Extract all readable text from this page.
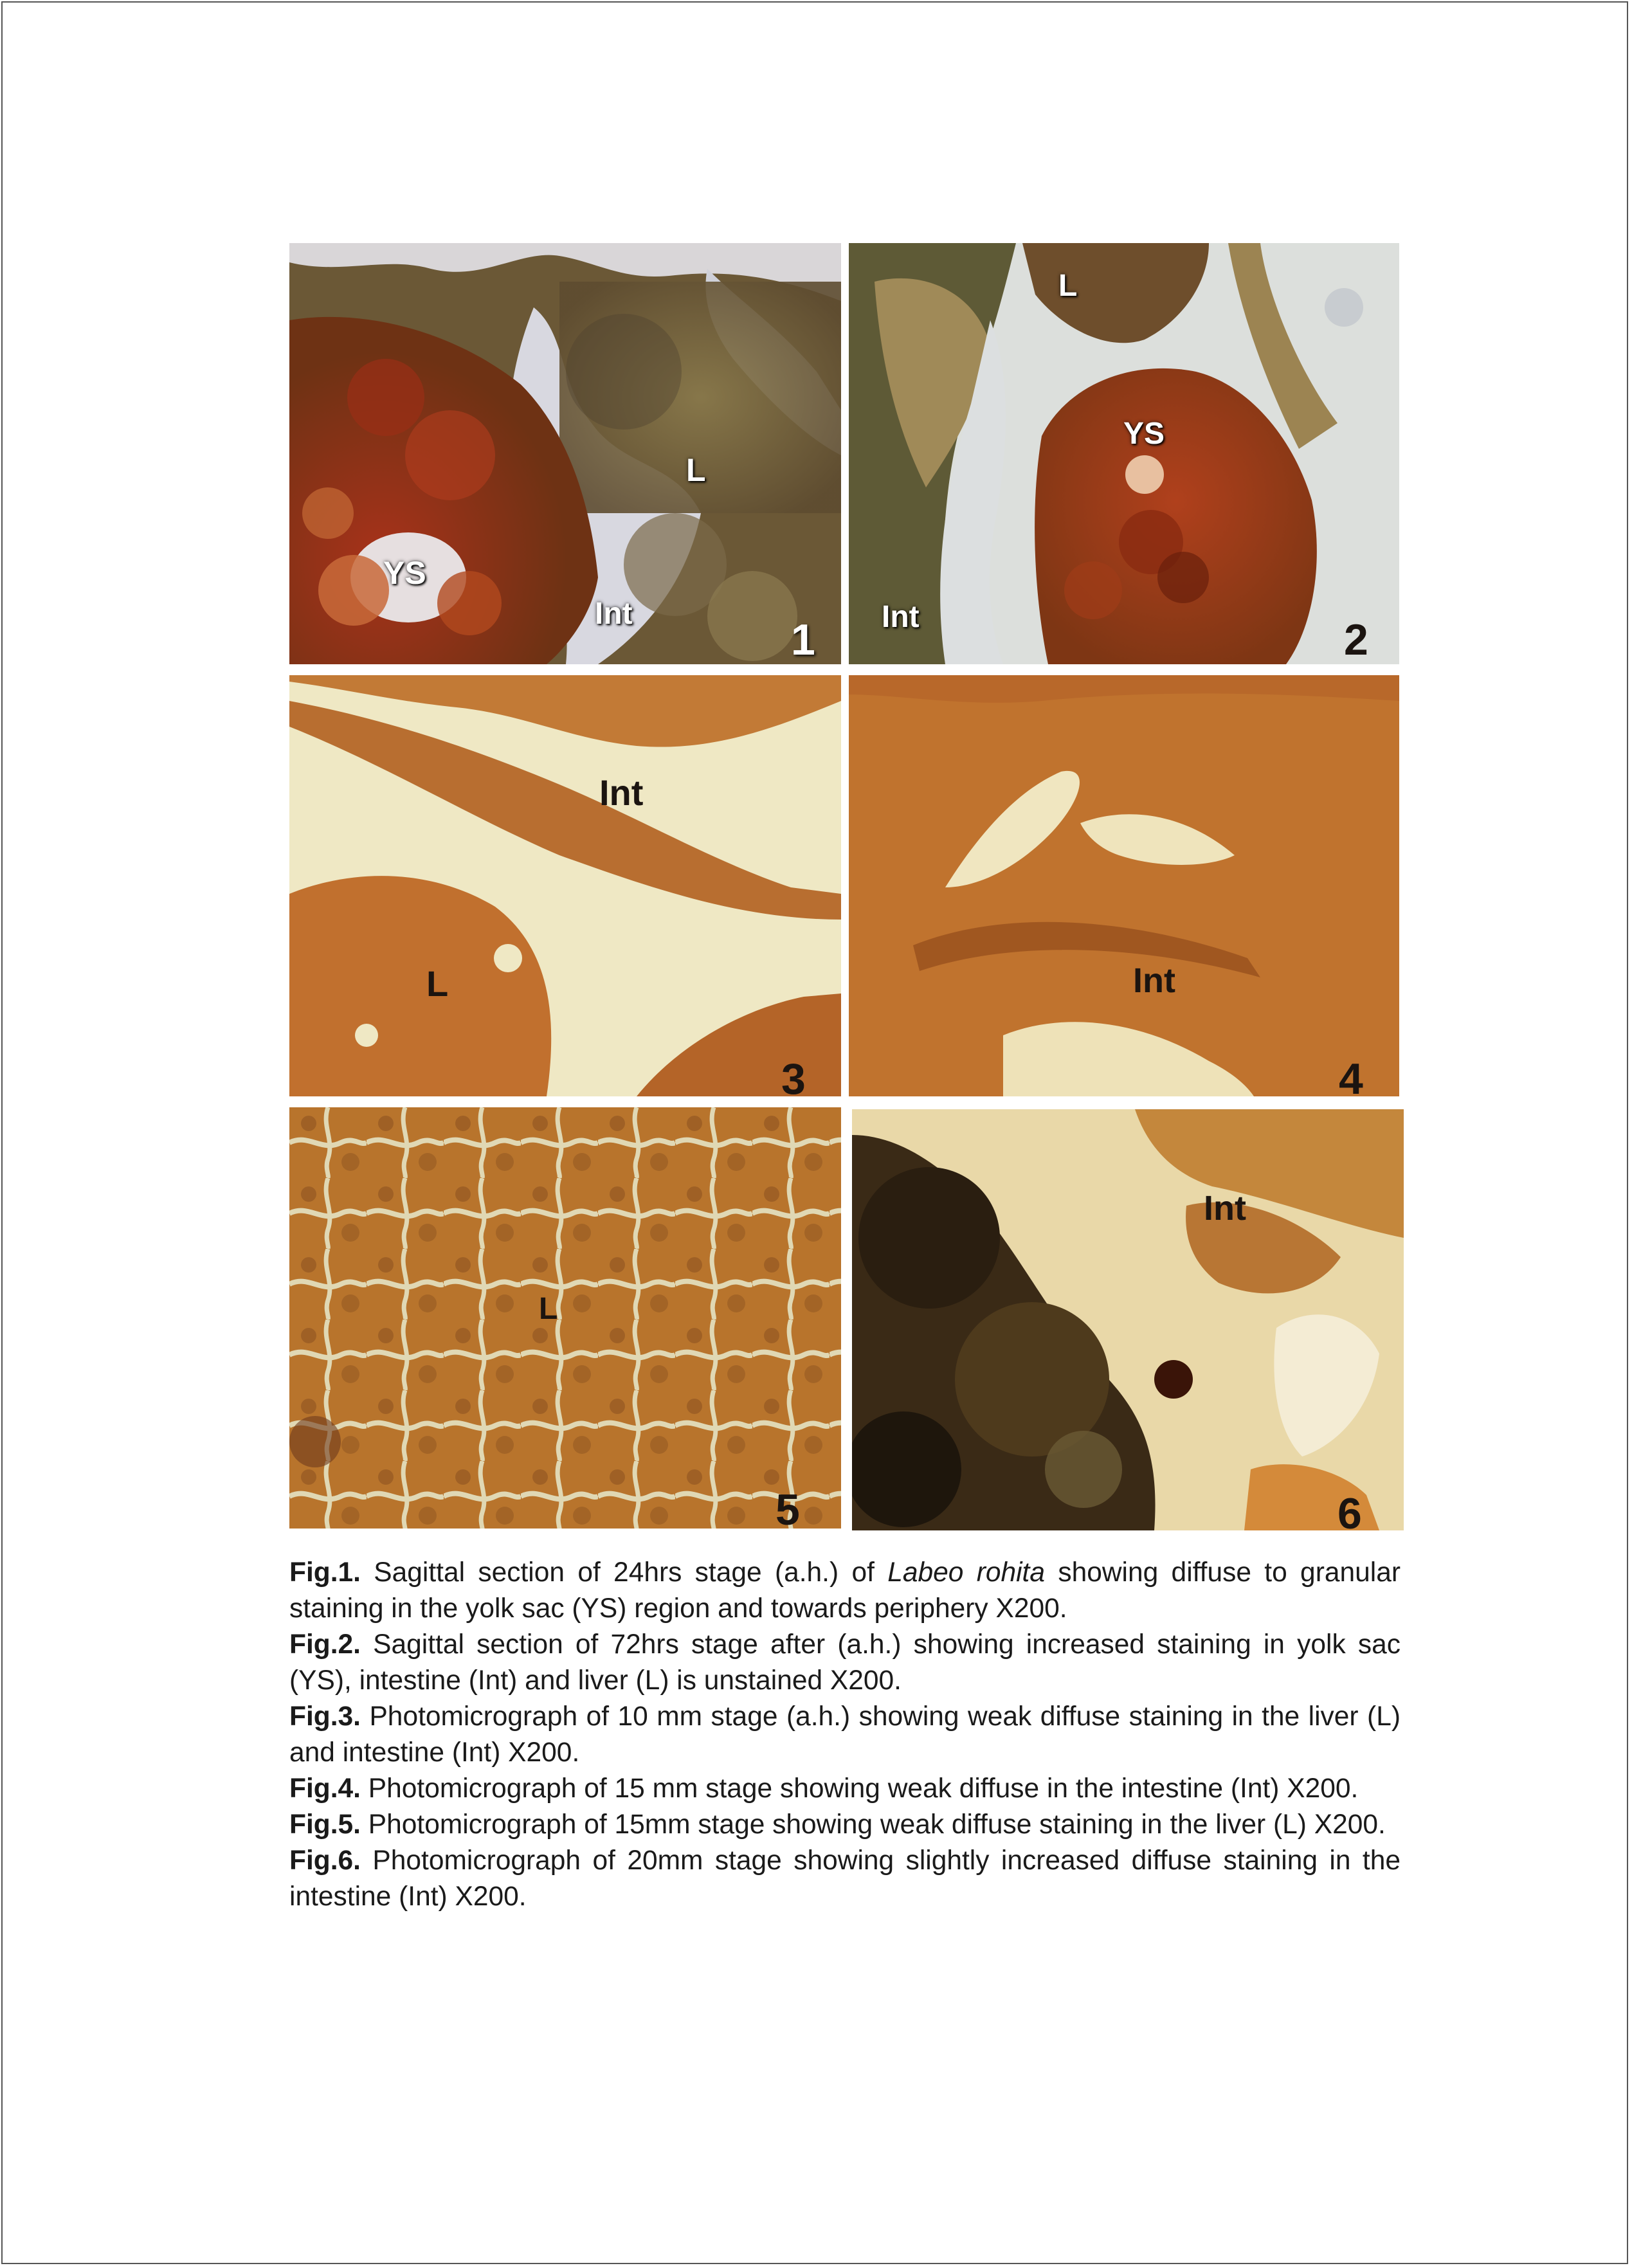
L
YS
Int
1
L
YS
Int	2
Int
L
3
Int
4
L
5
Int
6

Fig.1. Sagittal section of 24hrs stage (a.h.) of Labeo rohita showing diffuse to granular staining in the yolk sac (YS) region and towards periphery X200.

Fig.2. Sagittal section of 72hrs stage after (a.h.) showing increased staining in yolk sac (YS), intestine (Int) and liver (L) is unstained X200.

Fig.3. Photomicrograph of 10 mm stage (a.h.) showing weak diffuse staining in the liver (L) and intestine (Int) X200.

Fig.4. Photomicrograph of 15 mm stage showing weak diffuse in the intestine (Int) X200.

Fig.5. Photomicrograph of 15mm stage showing weak diffuse staining in the liver (L) X200.

Fig.6. Photomicrograph of 20mm stage showing slightly increased diffuse staining in the intestine (Int) X200.
